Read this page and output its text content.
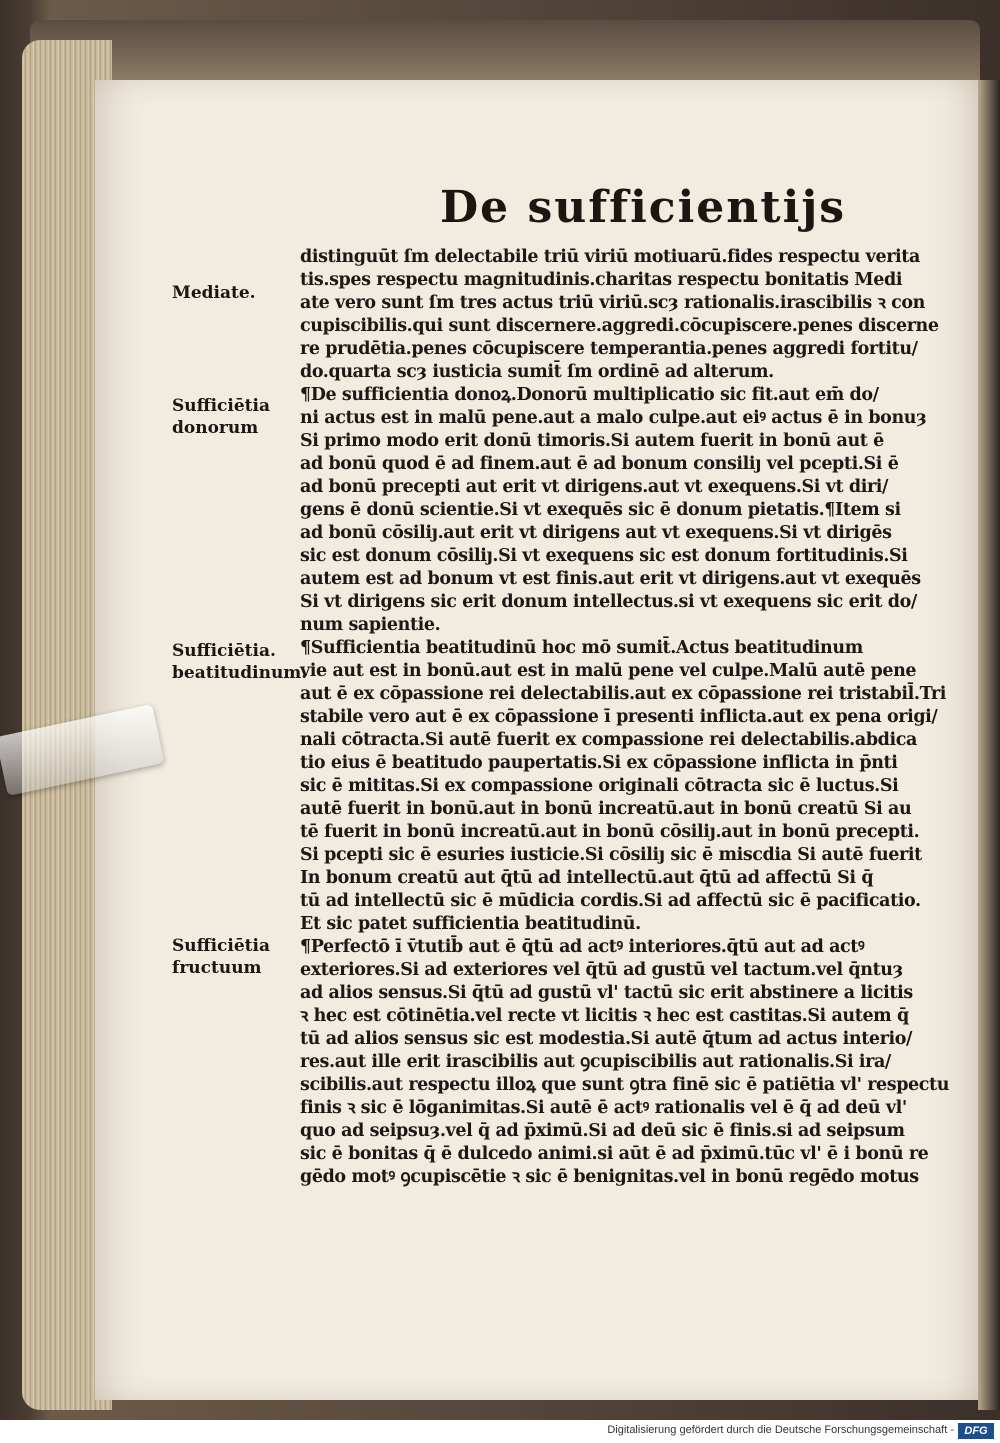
De sufficientijs
Mediate.
Sufficiētia
donorum
Sufficiētia.
beatitudinum.
Sufficiētia
fructuum
distinguūt ſm delectabile triū viriū motiuarū.fides respectu verita
tis.spes respectu magnitudinis.charitas respectu bonitatis Medi
ate vero sunt ſm tres actus triū viriū.scȝ rationalis.irascibilis ꝛ con
cupiscibilis.qui sunt discernere.aggredi.cōcupiscere.penes discerne
re prudētia.penes cōcupiscere temperantia.penes aggredi fortitu/
do.quarta scȝ iusticia sumit̄ ſm ordinē ad alterum.
¶De sufficientia donoꝝ.Donorū multiplicatio sic fit.aut em̄ do/
ni actus est in malū pene.aut a malo culpe.aut eiꝰ actus ē in bonuȝ
Si primo modo erit donū timoris.Si autem fuerit in bonū aut ē
ad bonū quod ē ad finem.aut ē ad bonum consiliȷ vel pcepti.Si ē
ad bonū precepti aut erit vt dirigens.aut vt exequens.Si vt diri/
gens ē donū scientie.Si vt exequēs sic ē donum pietatis.¶Item si
ad bonū cōsiliȷ.aut erit vt dirigens aut vt exequens.Si vt dirigēs
sic est donum cōsiliȷ.Si vt exequens sic est donum fortitudinis.Si
autem est ad bonum vt est finis.aut erit vt dirigens.aut vt exequēs
Si vt dirigens sic erit donum intellectus.si vt exequens sic erit do/
num sapientie.
¶Sufficientia beatitudinū hoc mō sumit̄.Actus beatitudinum
vie aut est in bonū.aut est in malū pene vel culpe.Malū autē pene
aut ē ex cōpassione rei delectabilis.aut ex cōpassione rei tristabil̄.Tri
stabile vero aut ē ex cōpassione ī presenti inflicta.aut ex pena origi/
nali cōtracta.Si autē fuerit ex compassione rei delectabilis.abdica
tio eius ē beatitudo paupertatis.Si ex cōpassione inflicta in p̄nti
sic ē mititas.Si ex compassione originali cōtracta sic ē luctus.Si
autē fuerit in bonū.aut in bonū increatū.aut in bonū creatū Si au
tē fuerit in bonū increatū.aut in bonū cōsiliȷ.aut in bonū precepti.
Si pcepti sic ē esuries iusticie.Si cōsiliȷ sic ē miscdia Si autē fuerit
In bonum creatū aut q̄tū ad intellectū.aut q̄tū ad affectū Si q̄
tū ad intellectū sic ē mūdicia cordis.Si ad affectū sic ē pacificatio.
Et sic patet sufficientia beatitudinū.
¶Perfectō ī v̄tutib̄ aut ē q̄tū ad actꝰ interiores.q̄tū aut ad actꝰ
exteriores.Si ad exteriores vel q̄tū ad gustū vel tactum.vel q̄ntuȝ
ad alios sensus.Si q̄tū ad gustū vl' tactū sic erit abstinere a licitis
ꝛ hec est cōtinētia.vel recte vt licitis ꝛ hec est castitas.Si autem q̄
tū ad alios sensus sic est modestia.Si autē q̄tum ad actus interio/
res.aut ille erit irascibilis aut ꝯcupiscibilis aut rationalis.Si ira/
scibilis.aut respectu illoꝝ que sunt ꝯtra finē sic ē patiētia vl' respectu
finis ꝛ sic ē lōganimitas.Si autē ē actꝰ rationalis vel ē q̄ ad deū vl'
quo ad seipsuȝ.vel q̄ ad p̄ximū.Si ad deū sic ē finis.si ad seipsum
sic ē bonitas q̄ ē dulcedo animi.si aūt ē ad p̄ximū.tūc vl' ē i bonū re
gēdo motꝰ ꝯcupiscētie ꝛ sic ē benignitas.vel in bonū regēdo motus
Digitalisierung gefördert durch die Deutsche Forschungsgemeinschaft - DFG
